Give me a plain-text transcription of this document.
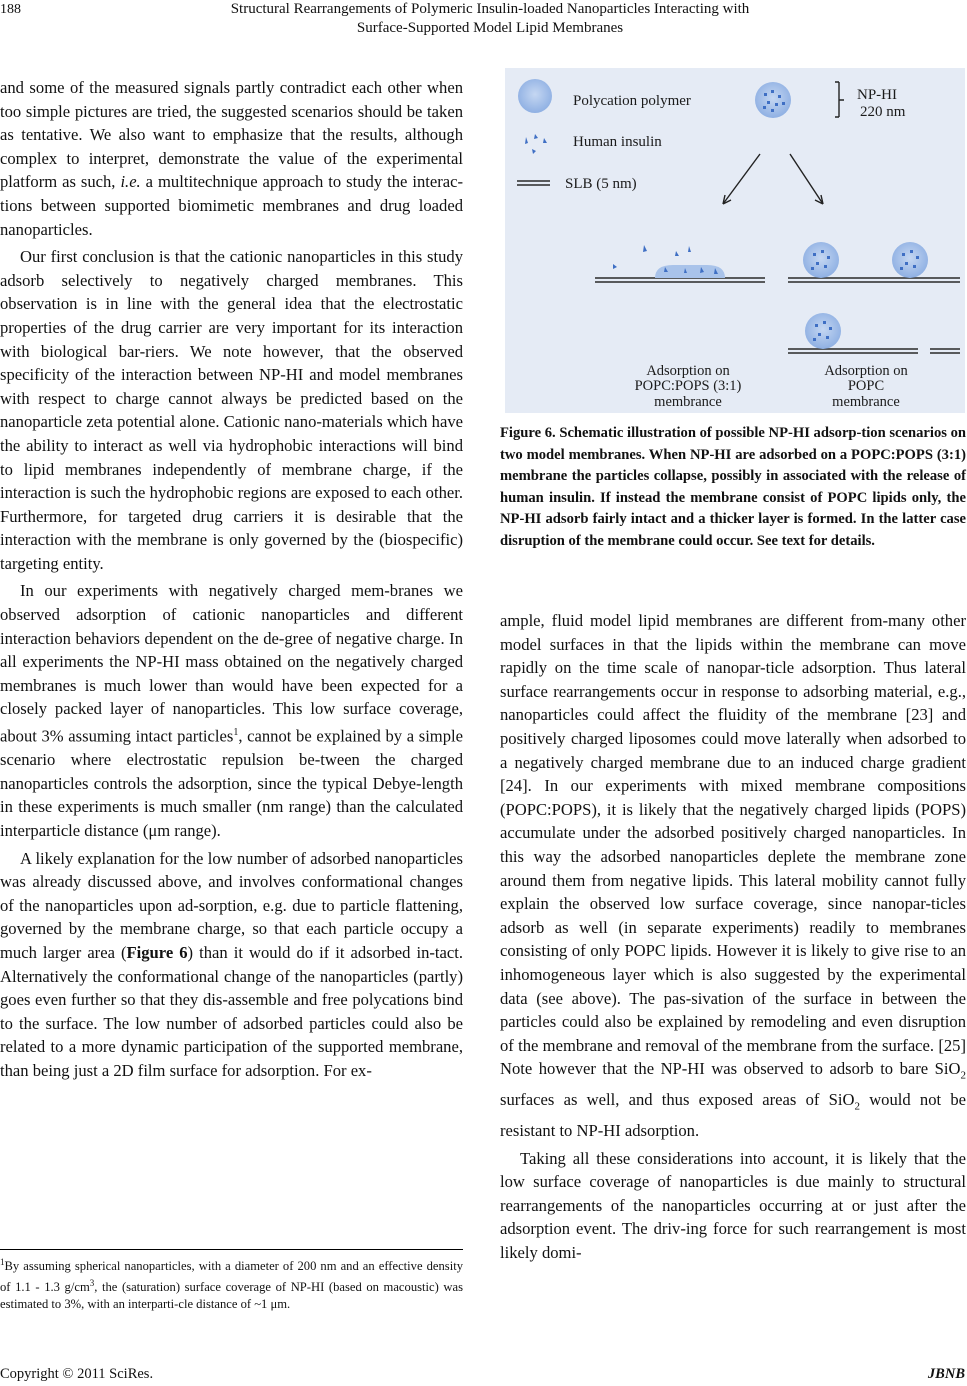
188	Structural Rearrangements of Polymeric Insulin-loaded Nanoparticles Interacting with
Surface-Supported Model Lipid Membranes

and some of the measured signals partly contradict each other when too simple pictures are tried, the suggested scenarios should be taken as tentative. We also want to emphasize that the results, although complex to interpret, demonstrate the value of the experimental platform as such, i.e. a multitechnique approach to study the interac-tions between supported biomimetic membranes and drug loaded nanoparticles.

Our first conclusion is that the cationic nanoparticles in this study adsorb selectively to negatively charged membranes. This observation is in line with the general idea that the electrostatic properties of the drug carrier are very important for its interaction with biological bar-riers. We note however, that the observed specificity of the interaction between NP-HI and model membranes with respect to charge cannot always be predicted based on the nanoparticle zeta potential alone. Cationic nano-materials which have the ability to interact as well via hydrophobic interactions will bind to lipid membranes independently of membrane charge, if the interaction is such the hydrophobic regions are exposed to each other. Furthermore, for targeted drug carriers it is desirable that the interaction with the membrane is only governed by the (biospecific) targeting entity.

In our experiments with negatively charged mem-branes we observed adsorption of cationic nanoparticles and different interaction behaviors dependent on the de-gree of negative charge. In all experiments the NP-HI mass obtained on the negatively charged membranes is much lower than would have been expected for a closely packed layer of nanoparticles. This low surface coverage, about 3% assuming intact particles$^1$, cannot be explained by a simple scenario where electrostatic repulsion be-tween the charged nanoparticles controls the adsorption, since the typical Debye-length in these experiments is much smaller (nm range) than the calculated interparticle distance (μm range).

A likely explanation for the low number of adsorbed nanoparticles was already discussed above, and involves conformational changes of the nanoparticles upon ad-sorption, e.g. due to particle flattening, governed by the membrane charge, so that each particle occupy a much larger area (Figure 6) than it would do if it adsorbed in-tact. Alternatively the conformational change of the nanoparticles (partly) goes even further so that they dis-assemble and free polycations bind to the surface. The low number of adsorbed particles could also be related to a more dynamic participation of the supported membrane, than being just a 2D film surface for adsorption. For ex-

$^1$By assuming spherical nanoparticles, with a diameter of 200 nm and an effective density of 1.1 - 1.3 $g/cm^3$, the (saturation) surface coverage of NP-HI (based on macoustic) was estimated to 3%, with an interparti-cle distance of ~1 μm.
Polycation polymer
Human insulin
SLB (5 nm)
NP-HI
220 nm
Adsorption on
POPC:POPS (3:1)
membrance
Adsorption on
POPC
membrance
Figure 6. Schematic illustration of possible NP-HI adsorp-tion scenarios on two model membranes. When NP-HI are adsorbed on a POPC:POPS (3:1) membrane the particles collapse, possibly in associated with the release of human insulin. If instead the membrane consist of POPC lipids only, the NP-HI adsorb fairly intact and a thicker layer is formed. In the latter case disruption of the membrane could occur. See text for details.

ample, fluid model lipid membranes are different from-many other model surfaces in that the lipids within the membrane can move rapidly on the time scale of nanopar-ticle adsorption. Thus lateral surface rearrangements occur in response to adsorbing material, e.g., nanoparticles could affect the fluidity of the membrane [23] and positively charged liposomes could move laterally when adsorbed to a negatively charged membrane due to an induced charge gradient [24]. In our experiments with mixed membrane compositions (POPC:POPS), it is likely that the negatively charged lipids (POPS) accumulate under the adsorbed positively charged nanoparticles. In this way the adsorbed nanoparticles deplete the membrane zone around them from negative lipids. This lateral mobility cannot fully explain the observed low surface coverage, since nanopar-ticles adsorb as well (in separate experiments) readily to membranes consisting of only POPC lipids. However it is likely to give rise to an inhomogeneous layer which is also suggested by the experimental data (see above). The pas-sivation of the surface in between the particles could also be explained by remodeling and even disruption of the membrane and removal of the membrane from the surface. [25] Note however that the NP-HI was observed to adsorb to bare SiO$_2$ surfaces as well, and thus exposed areas of SiO$_2$ would not be resistant to NP-HI adsorption.

Taking all these considerations into account, it is likely that the low surface coverage of nanoparticles is due mainly to structural rearrangements of the nanoparticles occurring at or just after the adsorption event. The driv-ing force for such rearrangement is most likely domi-

Copyright © 2011 SciRes.	JBNB
